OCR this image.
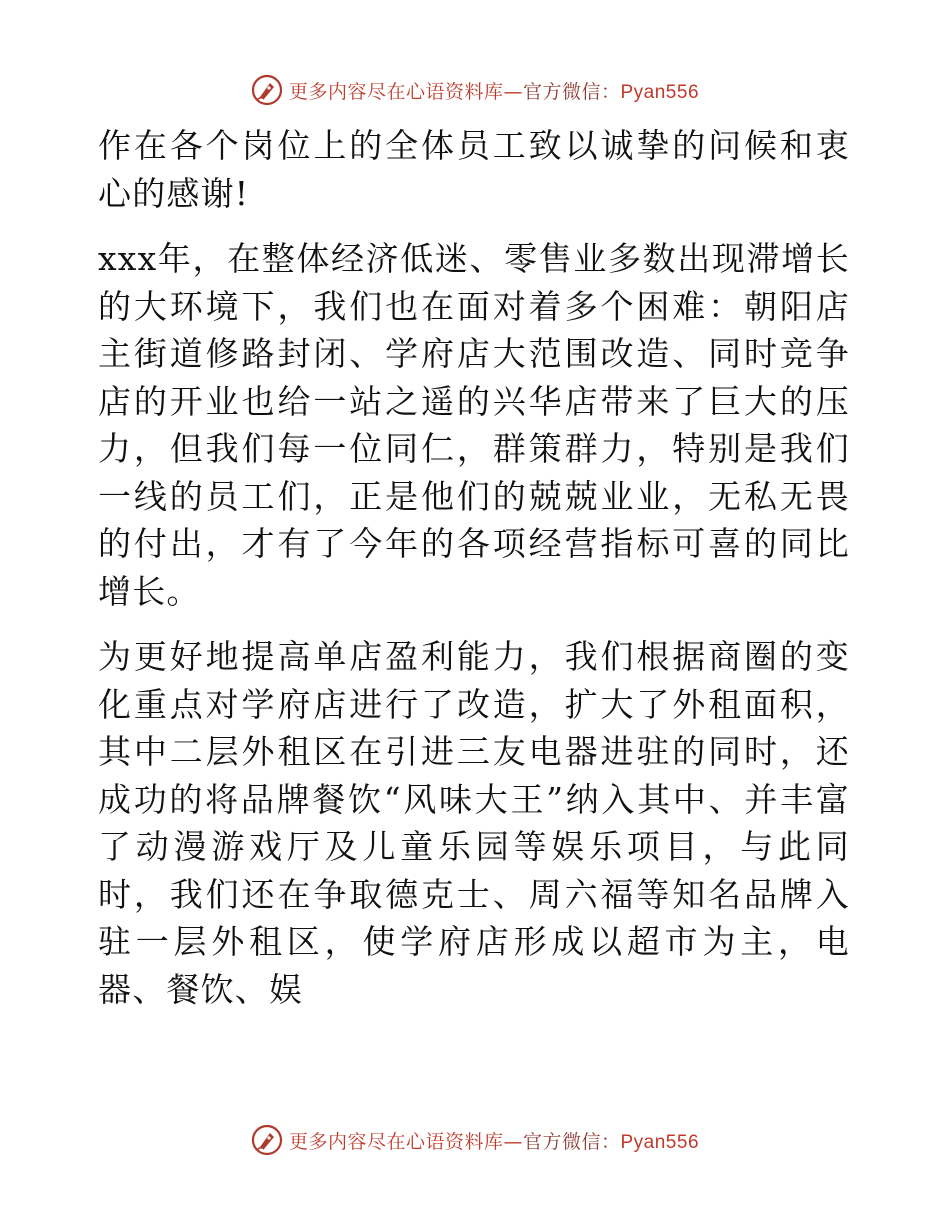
更多内容尽在心语资料库—官方微信：Pyan556

作在各个岗位上的全体员工致以诚挚的问候和衷心的感谢!

xxx年，在整体经济低迷、零售业多数出现滞增长的大环境下，我们也在面对着多个困难：朝阳店主街道修路封闭、学府店大范围改造、同时竞争店的开业也给一站之遥的兴华店带来了巨大的压力，但我们每一位同仁，群策群力，特别是我们一线的员工们，正是他们的兢兢业业，无私无畏的付出，才有了今年的各项经营指标可喜的同比增长。

为更好地提高单店盈利能力，我们根据商圈的变化重点对学府店进行了改造，扩大了外租面积，其中二层外租区在引进三友电器进驻的同时，还成功的将品牌餐饮“风味大王”纳入其中、并丰富了动漫游戏厅及儿童乐园等娱乐项目，与此同时，我们还在争取德克士、周六福等知名品牌入驻一层外租区，使学府店形成以超市为主，电器、餐饮、娱

更多内容尽在心语资料库—官方微信：Pyan556
